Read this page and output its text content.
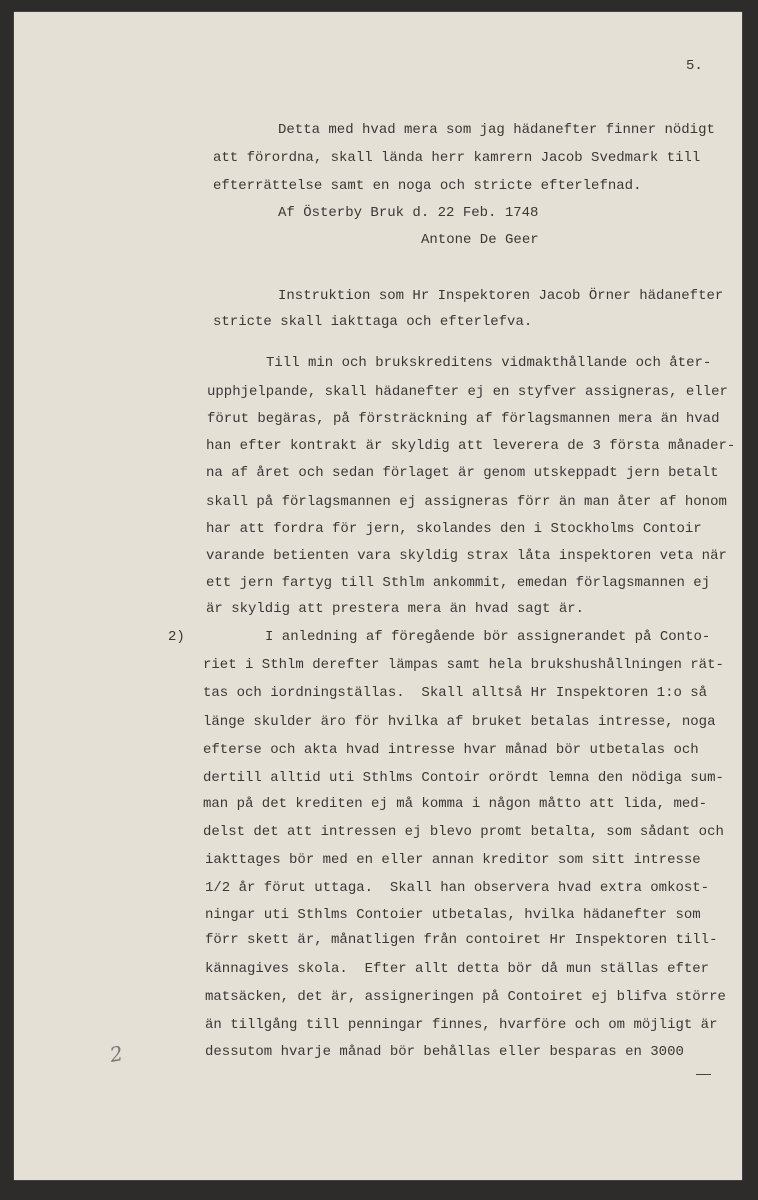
5.
2
Detta med hvad mera som jag hädanefter finner nödigt
att förordna, skall lända herr kamrern Jacob Svedmark till
efterrättelse samt en noga och stricte efterlefnad.
Af Österby Bruk d. 22 Feb. 1748
Antone De Geer
Instruktion som Hr Inspektoren Jacob Örner hädanefter
stricte skall iakttaga och efterlefva.
Till min och brukskreditens vidmakthållande och åter-
upphjelpande, skall hädanefter ej en styfver assigneras, eller
förut begäras, på försträckning af förlagsmannen mera än hvad
han efter kontrakt är skyldig att leverera de 3 första månader-
na af året och sedan förlaget är genom utskeppadt jern betalt
skall på förlagsmannen ej assigneras förr än man åter af honom
har att fordra för jern, skolandes den i Stockholms Contoir
varande betienten vara skyldig strax låta inspektoren veta när
ett jern fartyg till Sthlm ankommit, emedan förlagsmannen ej
är skyldig att prestera mera än hvad sagt är.
2)	I anledning af föregående bör assignerandet på Conto-
riet i Sthlm derefter lämpas samt hela brukshushållningen rät-
tas och iordningställas.  Skall alltså Hr Inspektoren 1:o så
länge skulder äro för hvilka af bruket betalas intresse, noga
efterse och akta hvad intresse hvar månad bör utbetalas och
dertill alltid uti Sthlms Contoir orördt lemna den nödiga sum-
man på det krediten ej må komma i någon måtto att lida, med-
delst det att intressen ej blevo promt betalta, som sådant och
iakttages bör med en eller annan kreditor som sitt intresse
1/2 år förut uttaga.  Skall han observera hvad extra omkost-
ningar uti Sthlms Contoier utbetalas, hvilka hädanefter som
förr skett är, månatligen från contoiret Hr Inspektoren till-
kännagives skola.  Efter allt detta bör då mun ställas efter
matsäcken, det är, assigneringen på Contoiret ej blifva större
än tillgång till penningar finnes, hvarföre och om möjligt är
dessutom hvarje månad bör behållas eller besparas en 3000
